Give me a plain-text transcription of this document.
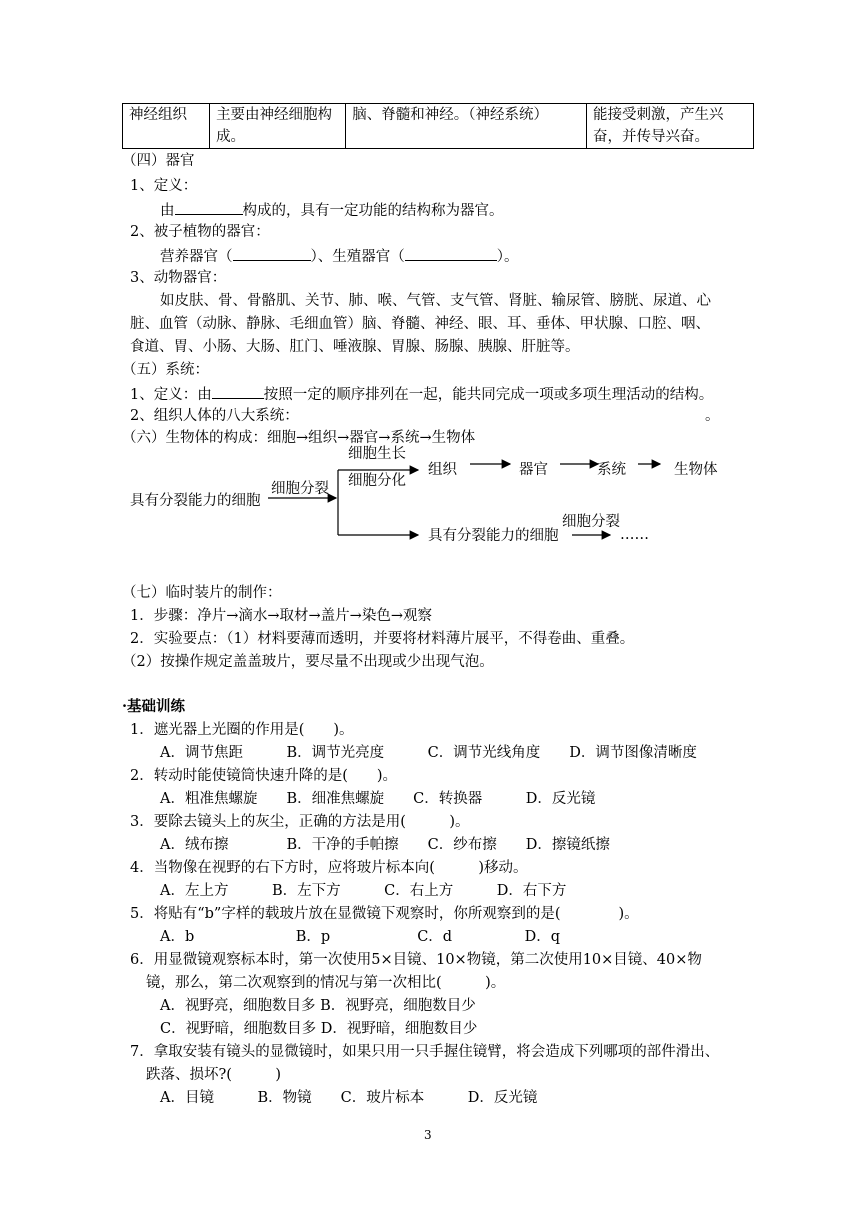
神经组织	主要由神经细胞构成。	脑、脊髓和神经。（神经系统）	能接受刺激，产生兴奋，并传导兴奋。
（四）器官
1、定义：
由	构成的，具有一定功能的结构称为器官。
2、被子植物的器官：
营养器官（	）、生殖器官（	）。
3、动物器官：
如皮肤、骨、骨骼肌、关节、肺、喉、气管、支气管、肾脏、输尿管、膀胱、尿道、心
脏、血管（动脉、静脉、毛细血管）脑、脊髓、神经、眼、耳、垂体、甲状腺、口腔、咽、
食道、胃、小肠、大肠、肛门、唾液腺、胃腺、肠腺、胰腺、肝脏等。
（五）系统：
1、定义：由	按照一定的顺序排列在一起，能共同完成一项或多项生理活动的结构。
2、组织人体的八大系统：	。
（六）生物体的构成：细胞→组织→器官→系统→生物体
具有分裂能力的细胞
细胞分裂
细胞生长
细胞分化
组织	器官	系统	生物体
具有分裂能力的细胞
细胞分裂
……
（七）临时装片的制作：
1．步骤：净片→滴水→取材→盖片→染色→观察
2．实验要点：（1）材料要薄而透明，并要将材料薄片展平，不得卷曲、重叠。
（2）按操作规定盖盖玻片，要尽量不出现或少出现气泡。
·基础训练
1．遮光器上光圈的作用是(　　)。
A．调节焦距　　　B．调节光亮度　　　C．调节光线角度　　D．调节图像清晰度
2．转动时能使镜筒快速升降的是(　　)。
A．粗准焦螺旋　　B．细准焦螺旋　　C．转换器　　　D．反光镜
3．要除去镜头上的灰尘，正确的方法是用(　　　)。
A．绒布擦　　　　B．干净的手帕擦　　C．纱布擦　　D．擦镜纸擦
4．当物像在视野的右下方时，应将玻片标本向(　　　)移动。
A．左上方　　　B．左下方　　　C．右上方　　　D．右下方
5．将贴有“b”字样的载玻片放在显微镜下观察时，你所观察到的是(　　　　)。
A．b　　　　　　　B．p　　　　　　C．d　　　　　D．q
6．用显微镜观察标本时，第一次使用5×目镜、10×物镜，第二次使用10×目镜、40×物
镜，那么，第二次观察到的情况与第一次相比(　　　)。
A．视野亮，细胞数目多 B．视野亮，细胞数目少
C．视野暗，细胞数目多 D．视野暗，细胞数目少
7．拿取安装有镜头的显微镜时，如果只用一只手握住镜臂，将会造成下列哪项的部件滑出、
跌落、损坏?(　　　)
A．目镜　　　B．物镜　　C．玻片标本　　　D．反光镜
3
